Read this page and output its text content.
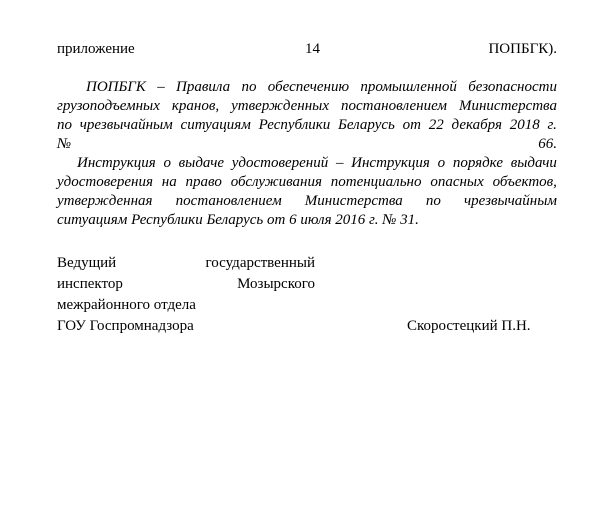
приложение	14	ПОПБГК).
ПОПБГК – Правила по обеспечению промышленной безопасности
грузоподъемных кранов, утвержденных постановлением Министерства
по чрезвычайным ситуациям Республики Беларусь от 22 декабря 2018 г.
№	66.
Инструкция о выдаче удостоверений – Инструкция о порядке выдачи
удостоверения на право обслуживания потенциально опасных объектов,
утвержденная постановлением Министерства по чрезвычайным
ситуациям Республики Беларусь от 6 июля 2016 г. № 31.
Ведущий	государственный
инспектор	Мозырского
межрайонного отдела
ГОУ Госпромнадзора	Скоростецкий П.Н.
